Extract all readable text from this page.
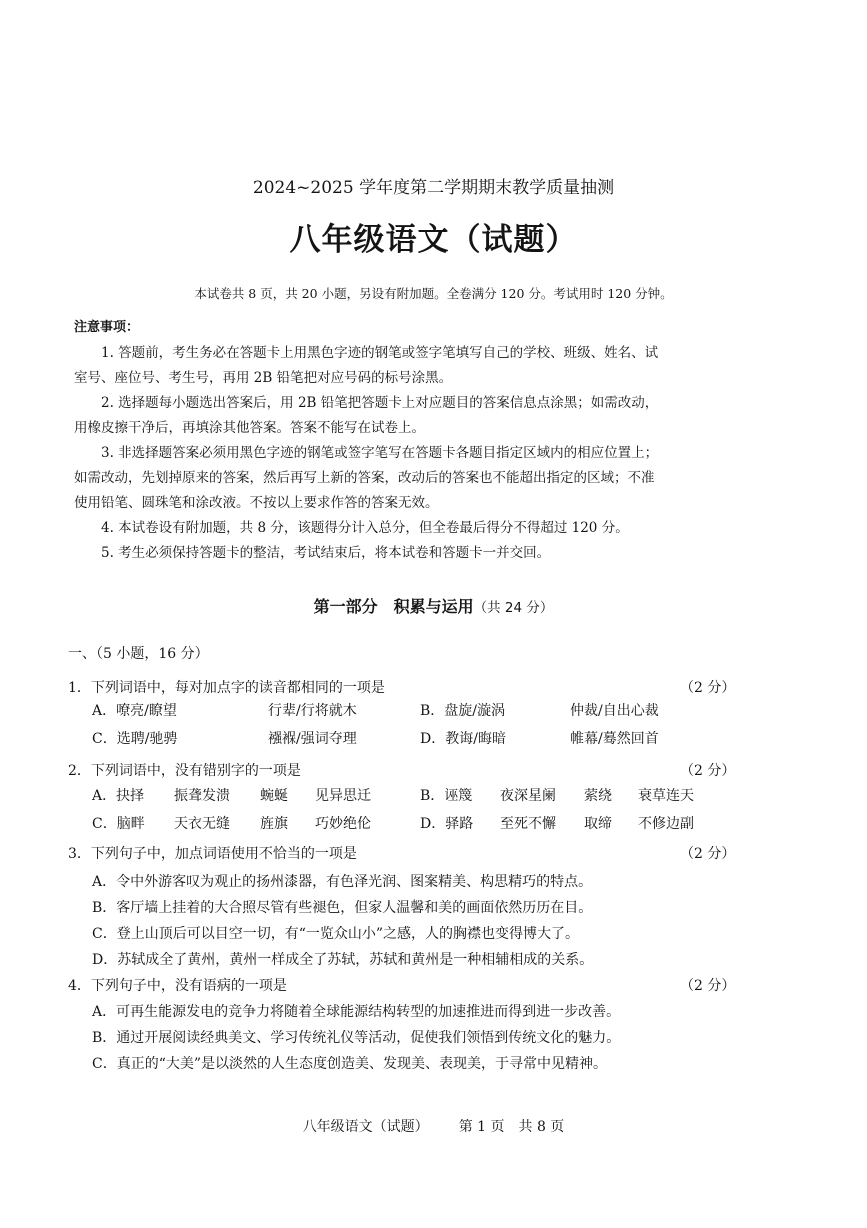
2024~2025 学年度第二学期期末教学质量抽测
八年级语文（试题）
本试卷共 8 页，共 20 小题，另设有附加题。全卷满分 120 分。考试用时 120 分钟。
注意事项：
1. 答题前，考生务必在答题卡上用黑色字迹的钢笔或签字笔填写自己的学校、班级、姓名、试
室号、座位号、考生号，再用 2B 铅笔把对应号码的标号涂黑。
2. 选择题每小题选出答案后，用 2B 铅笔把答题卡上对应题目的答案信息点涂黑；如需改动，
用橡皮擦干净后，再填涂其他答案。答案不能写在试卷上。
3. 非选择题答案必须用黑色字迹的钢笔或签字笔写在答题卡各题目指定区域内的相应位置上；
如需改动，先划掉原来的答案，然后再写上新的答案，改动后的答案也不能超出指定的区域；不准
使用铅笔、圆珠笔和涂改液。不按以上要求作答的答案无效。
4. 本试卷设有附加题，共 8 分，该题得分计入总分，但全卷最后得分不得超过 120 分。
5. 考生必须保持答题卡的整洁，考试结束后，将本试卷和答题卡一并交回。
第一部分　积累与运用（共 24 分）
一、（5 小题，16 分）
1．下列词语中，每对加点字的读音都相同的一项是	（2 分）
A．嘹亮/瞭望	行辈/行将就木	B．盘旋/漩涡	仲裁/自出心裁
C．选聘/驰骋	襁褓/强词夺理	D．教诲/晦暗	帷幕/蓦然回首
2．下列词语中，没有错别字的一项是	（2 分）
A．抉择 振聋发溃 蜿蜒 见异思迁	B．诬篾 夜深星阑 萦绕 衰草连天
C．脑畔 天衣无缝 旌旗 巧妙绝伦	D．驿路 至死不懈 取缔 不修边副
3．下列句子中，加点词语使用不恰当的一项是	（2 分）
A．令中外游客叹为观止的扬州漆器，有色泽光润、图案精美、构思精巧的特点。
B．客厅墙上挂着的大合照尽管有些褪色，但家人温馨和美的画面依然历历在目。
C．登上山顶后可以目空一切，有“一览众山小”之感，人的胸襟也变得博大了。
D．苏轼成全了黄州，黄州一样成全了苏轼，苏轼和黄州是一种相辅相成的关系。
4．下列句子中，没有语病的一项是	（2 分）
A．可再生能源发电的竞争力将随着全球能源结构转型的加速推进而得到进一步改善。
B．通过开展阅读经典美文、学习传统礼仪等活动，促使我们领悟到传统文化的魅力。
C．真正的“大美”是以淡然的人生态度创造美、发现美、表现美，于寻常中见精神。
八年级语文（试题） 第 1 页　共 8 页
